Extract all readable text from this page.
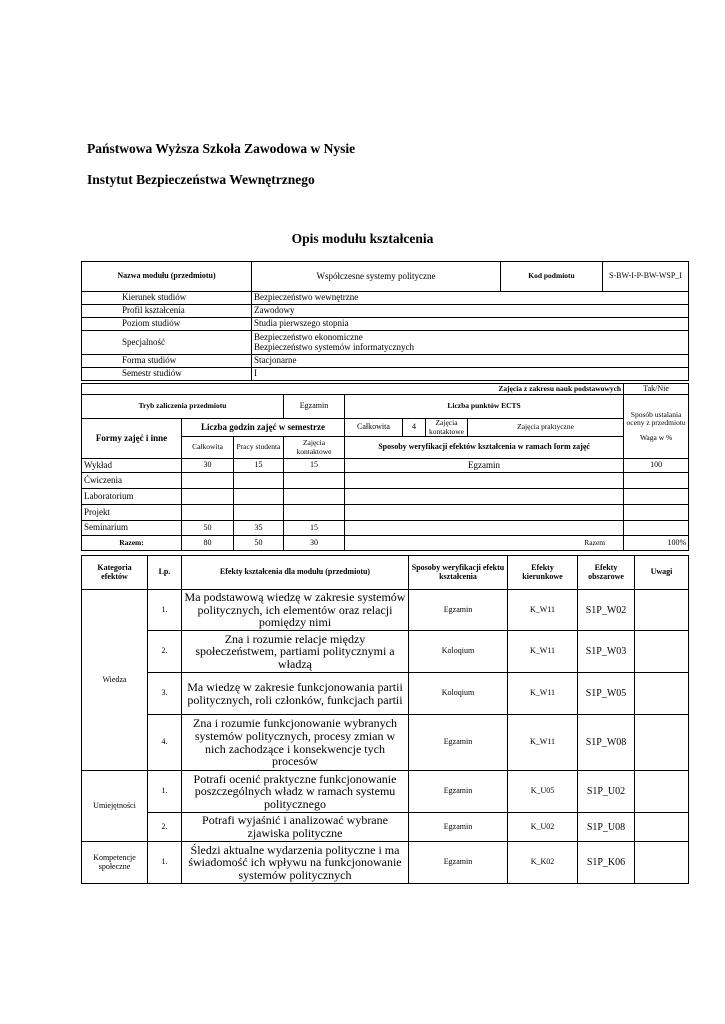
Państwowa Wyższa Szkoła Zawodowa w Nysie
Instytut Bezpieczeństwa Wewnętrznego
Opis modułu kształcenia
Nazwa modułu (przedmiotu)	Współczesne systemy polityczne	Kod podmiotu	S-BW-I-P-BW-WSP_I
Kierunek studiów	Bezpieczeństwo wewnętrzne		
Profil kształcenia	Zawodowy		
Poziom studiów	Studia pierwszego stopnia		
Specjalność	Bezpieczeństwo ekonomiczne
Bezpieczeństwo systemów informatycznych		

Forma studiów	Stacjonarne		
Semestr studiów	I		
Zajęcia z zakresu nauk podstawowych								Tak/Nie
Tryb zaliczenia przedmiotu			Egzamin	Liczba punktów ECTS				Sposób ustalania oceny z przedmiotu
Waga w %

Formy zajęć i inne	Liczba godzin zajęć w semestrze			Całkowita	4	Zajęcia kontaktowe	Zajęcia praktyczne	
	Całkowita	Pracy studenta	Zajęcia kontaktowe	Sposoby weryfikacji efektów kształcenia w ramach form zajęć				
Wykład	30	15	15	Egzamin				100
Ćwiczenia								
Laboratorium								
Projekt								
Seminarium	50	35	15					
Razem:	80	50	30	Razem				100%
Kategoria efektów	Lp.	Efekty kształcenia dla modułu (przedmiotu)	Sposoby weryfikacji efektu kształcenia	Efekty kierunkowe	Efekty obszarowe	Uwagi
Wiedza	1.	Ma podstawową wiedzę w zakresie systemów politycznych, ich elementów oraz relacji pomiędzy nimi	Egzamin	K_W11	S1P_W02	
	2.	Zna i rozumie relacje między społeczeństwem, partiami politycznymi a władzą	Koloqium	K_W11	S1P_W03	
	3.	Ma wiedzę w zakresie funkcjonowania partii politycznych, roli członków, funkcjach partii	Koloqium	K_W11	S1P_W05	
	4.	Zna i rozumie funkcjonowanie wybranych systemów politycznych, procesy zmian w nich zachodzące i konsekwencje tych procesów	Egzamin	K_W11	S1P_W08	
Umiejętności	1.	Potrafi ocenić praktyczne funkcjonowanie poszczególnych władz w ramach systemu politycznego	Egzamin	K_U05	S1P_U02	
	2.	Potrafi wyjaśnić i analizować wybrane zjawiska polityczne	Egzamin	K_U02	S1P_U08	
Kompetencje społeczne	1.	Śledzi aktualne wydarzenia polityczne i ma świadomość ich wpływu na funkcjonowanie systemów politycznych	Egzamin	K_K02	S1P_K06	
